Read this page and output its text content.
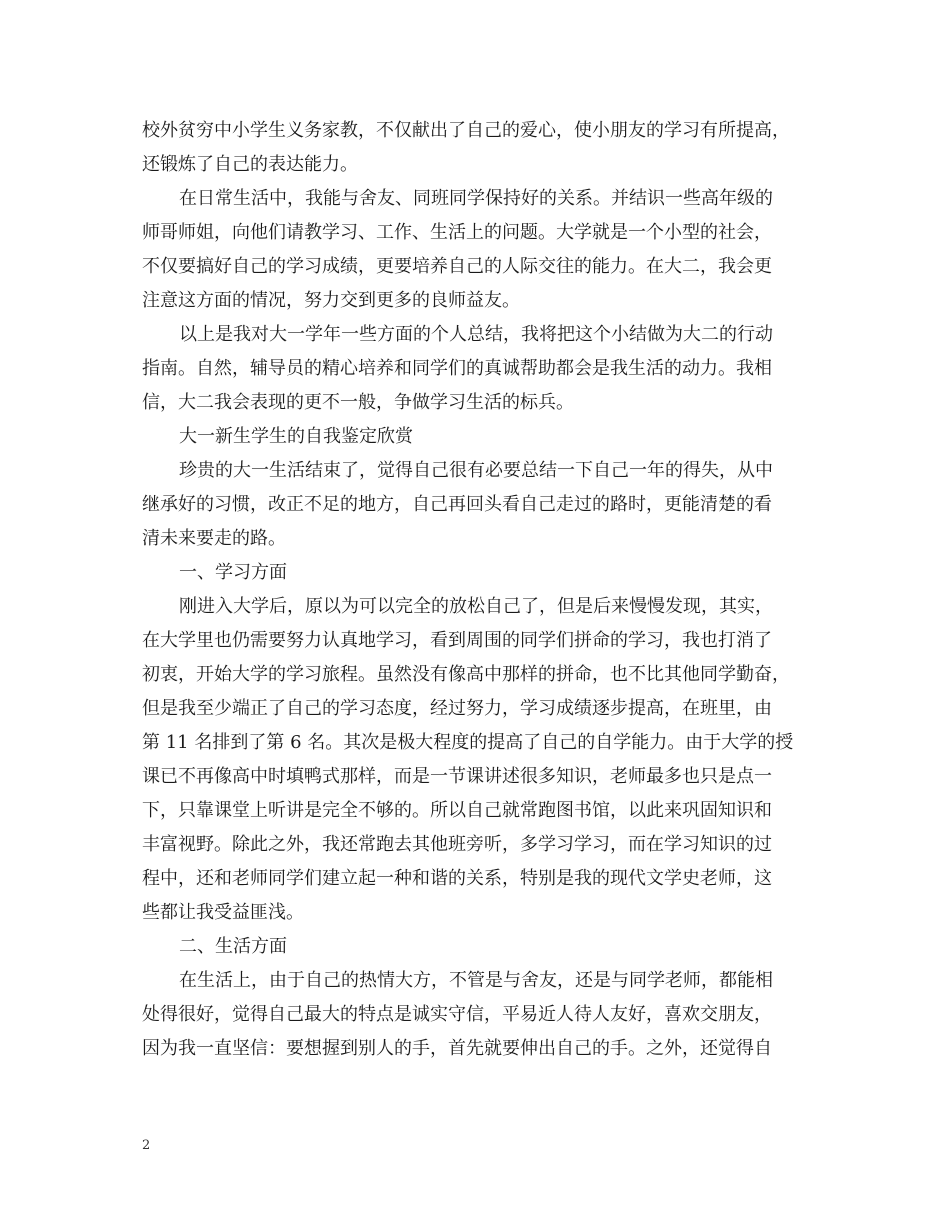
校外贫穷中小学生义务家教，不仅献出了自己的爱心，使小朋友的学习有所提高，
还锻炼了自己的表达能力。
在日常生活中，我能与舍友、同班同学保持好的关系。并结识一些高年级的
师哥师姐，向他们请教学习、工作、生活上的问题。大学就是一个小型的社会，
不仅要搞好自己的学习成绩，更要培养自己的人际交往的能力。在大二，我会更
注意这方面的情况，努力交到更多的良师益友。
以上是我对大一学年一些方面的个人总结，我将把这个小结做为大二的行动
指南。自然，辅导员的精心培养和同学们的真诚帮助都会是我生活的动力。我相
信，大二我会表现的更不一般，争做学习生活的标兵。
大一新生学生的自我鉴定欣赏
珍贵的大一生活结束了，觉得自己很有必要总结一下自己一年的得失，从中
继承好的习惯，改正不足的地方，自己再回头看自己走过的路时，更能清楚的看
清未来要走的路。
一、学习方面
刚进入大学后，原以为可以完全的放松自己了，但是后来慢慢发现，其实，
在大学里也仍需要努力认真地学习，看到周围的同学们拼命的学习，我也打消了
初衷，开始大学的学习旅程。虽然没有像高中那样的拼命，也不比其他同学勤奋，
但是我至少端正了自己的学习态度，经过努力，学习成绩逐步提高，在班里，由
第 11 名排到了第 6 名。其次是极大程度的提高了自己的自学能力。由于大学的授
课已不再像高中时填鸭式那样，而是一节课讲述很多知识，老师最多也只是点一
下，只靠课堂上听讲是完全不够的。所以自己就常跑图书馆，以此来巩固知识和
丰富视野。除此之外，我还常跑去其他班旁听，多学习学习，而在学习知识的过
程中，还和老师同学们建立起一种和谐的关系，特别是我的现代文学史老师，这
些都让我受益匪浅。
二、生活方面
在生活上，由于自己的热情大方，不管是与舍友，还是与同学老师，都能相
处得很好，觉得自己最大的特点是诚实守信，平易近人待人友好，喜欢交朋友，
因为我一直坚信：要想握到别人的手，首先就要伸出自己的手。之外，还觉得自
2
